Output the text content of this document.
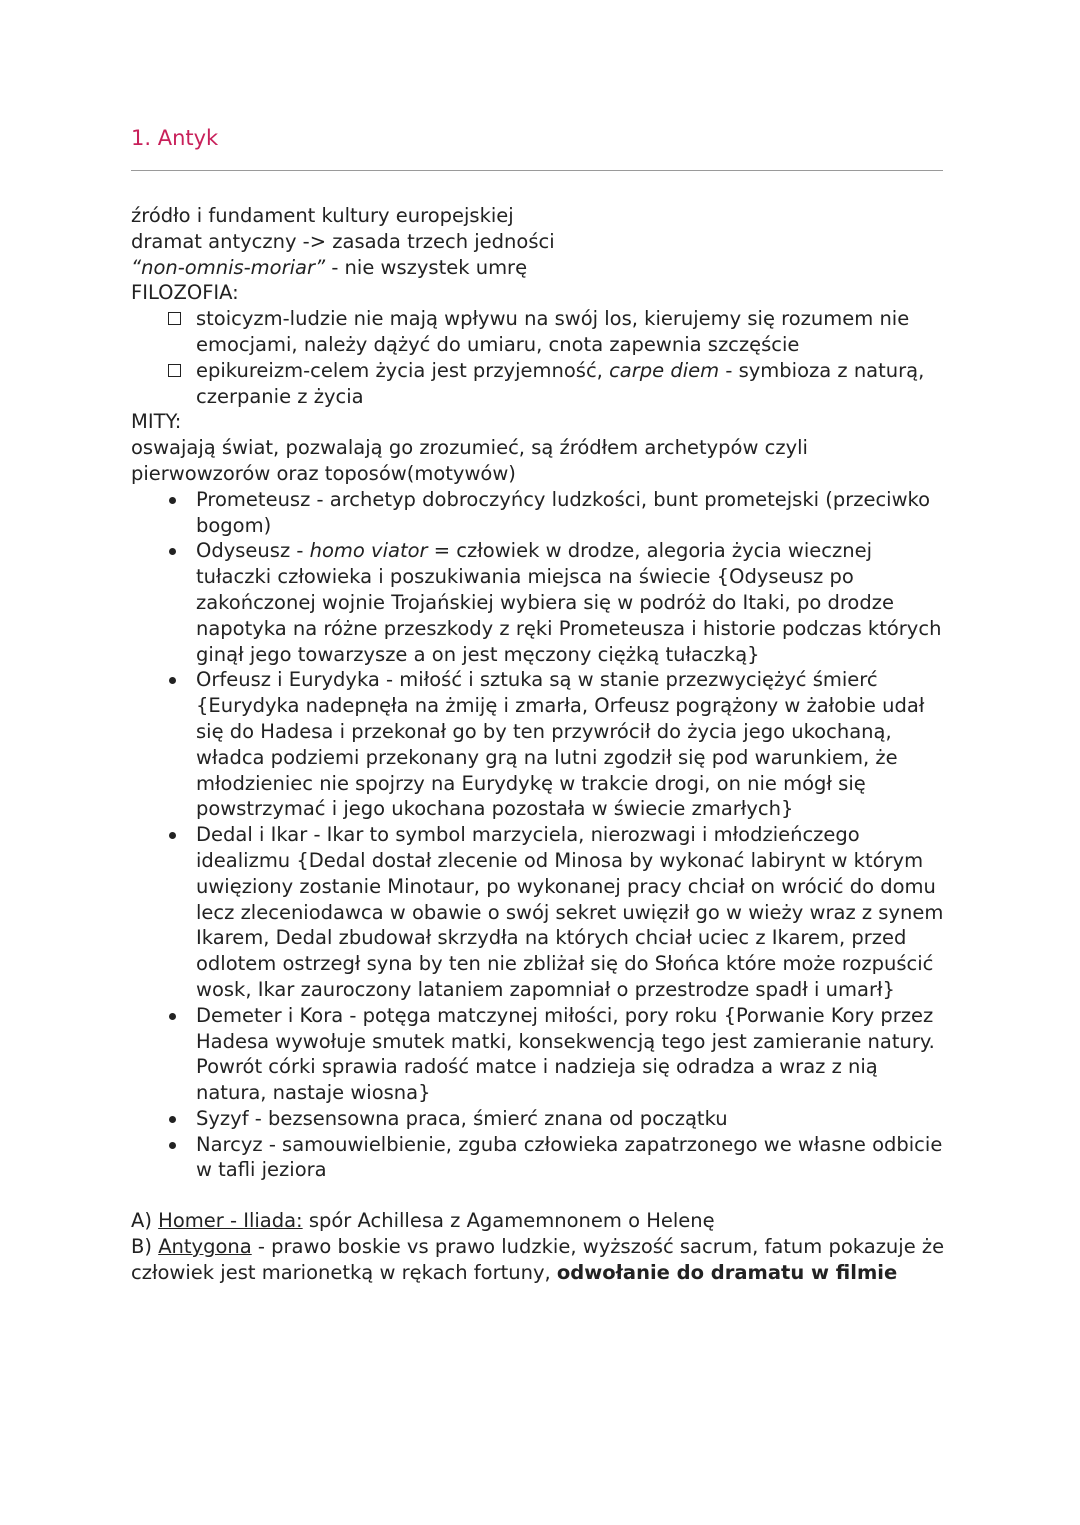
1. Antyk

źródło i fundament kultury europejskiej

dramat antyczny -> zasada trzech jedności

“non-omnis-moriar” - nie wszystek umrę

FILOZOFIA:

stoicyzm-ludzie nie mają wpływu na swój los, kierujemy się rozumem nie emocjami, należy dążyć do umiaru, cnota zapewnia szczęście
epikureizm-celem życia jest przyjemność, carpe diem - symbioza z naturą, czerpanie z życia

MITY:

oswajają świat, pozwalają go zrozumieć, są źródłem archetypów czyli pierwowzorów oraz toposów(motywów)

Prometeusz - archetyp dobroczyńcy ludzkości, bunt prometejski (przeciwko bogom)
Odyseusz - homo viator = człowiek w drodze, alegoria życia wiecznej tułaczki człowieka i poszukiwania miejsca na świecie {Odyseusz po zakończonej wojnie Trojańskiej wybiera się w podróż do Itaki, po drodze napotyka na różne przeszkody z ręki Prometeusza i historie podczas których ginął jego towarzysze a on jest męczony ciężką tułaczką}
Orfeusz i Eurydyka - miłość i sztuka są w stanie przezwyciężyć śmierć {Eurydyka nadepnęła na żmiję i zmarła, Orfeusz pogrążony w żałobie udał się do Hadesa i przekonał go by ten przywrócił do życia jego ukochaną, władca podziemi przekonany grą na lutni zgodził się pod warunkiem, że młodzieniec nie spojrzy na Eurydykę w trakcie drogi, on nie mógł się powstrzymać i jego ukochana pozostała w świecie zmarłych}
Dedal i Ikar - Ikar to symbol marzyciela, nierozwagi i młodzieńczego idealizmu {Dedal dostał zlecenie od Minosa by wykonać labirynt w którym uwięziony zostanie Minotaur, po wykonanej pracy chciał on wrócić do domu lecz zleceniodawca w obawie o swój sekret uwięził go w wieży wraz z synem Ikarem, Dedal zbudował skrzydła na których chciał uciec z Ikarem, przed odlotem ostrzegł syna by ten nie zbliżał się do Słońca które może rozpuścić wosk, Ikar zauroczony lataniem zapomniał o przestrodze spadł i umarł}
Demeter i Kora - potęga matczynej miłości, pory roku {Porwanie Kory przez Hadesa wywołuje smutek matki, konsekwencją tego jest zamieranie natury. Powrót córki sprawia radość matce i nadzieja się odradza a wraz z nią natura, nastaje wiosna}
Syzyf - bezsensowna praca, śmierć znana od początku
Narcyz - samouwielbienie, zguba człowieka zapatrzonego we własne odbicie w tafli jeziora

A) Homer - Iliada: spór Achillesa z Agamemnonem o Helenę

B) Antygona - prawo boskie vs prawo ludzkie, wyższość sacrum, fatum pokazuje że człowiek jest marionetką w rękach fortuny, odwołanie do dramatu w filmie
